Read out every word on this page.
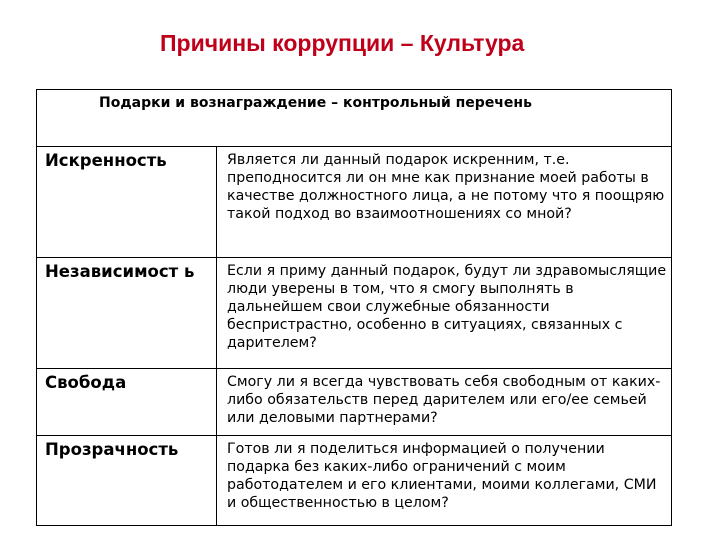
Причины коррупции – Культура
Подарки и вознаграждение – контрольный перечень
Искренность	Является ли данный подарок искренним, т.е. преподносится ли он мне как признание моей работы в качестве должностного лица, а не потому что я поощряю такой подход во взаимоотношениях со мной?
Независимост ь	Если я приму данный подарок, будут ли здравомыслящие люди уверены в том, что я смогу выполнять в дальнейшем свои служебные обязанности беспристрастно, особенно в ситуациях, связанных с дарителем?
Свобода	Смогу ли я всегда чувствовать себя свободным от каких-либо обязательств перед дарителем или его/ее семьей или деловыми партнерами?
Прозрачность	Готов ли я поделиться информацией о получении подарка без каких-либо ограничений с моим работодателем и его клиентами, моими коллегами, СМИ и общественностью в целом?
